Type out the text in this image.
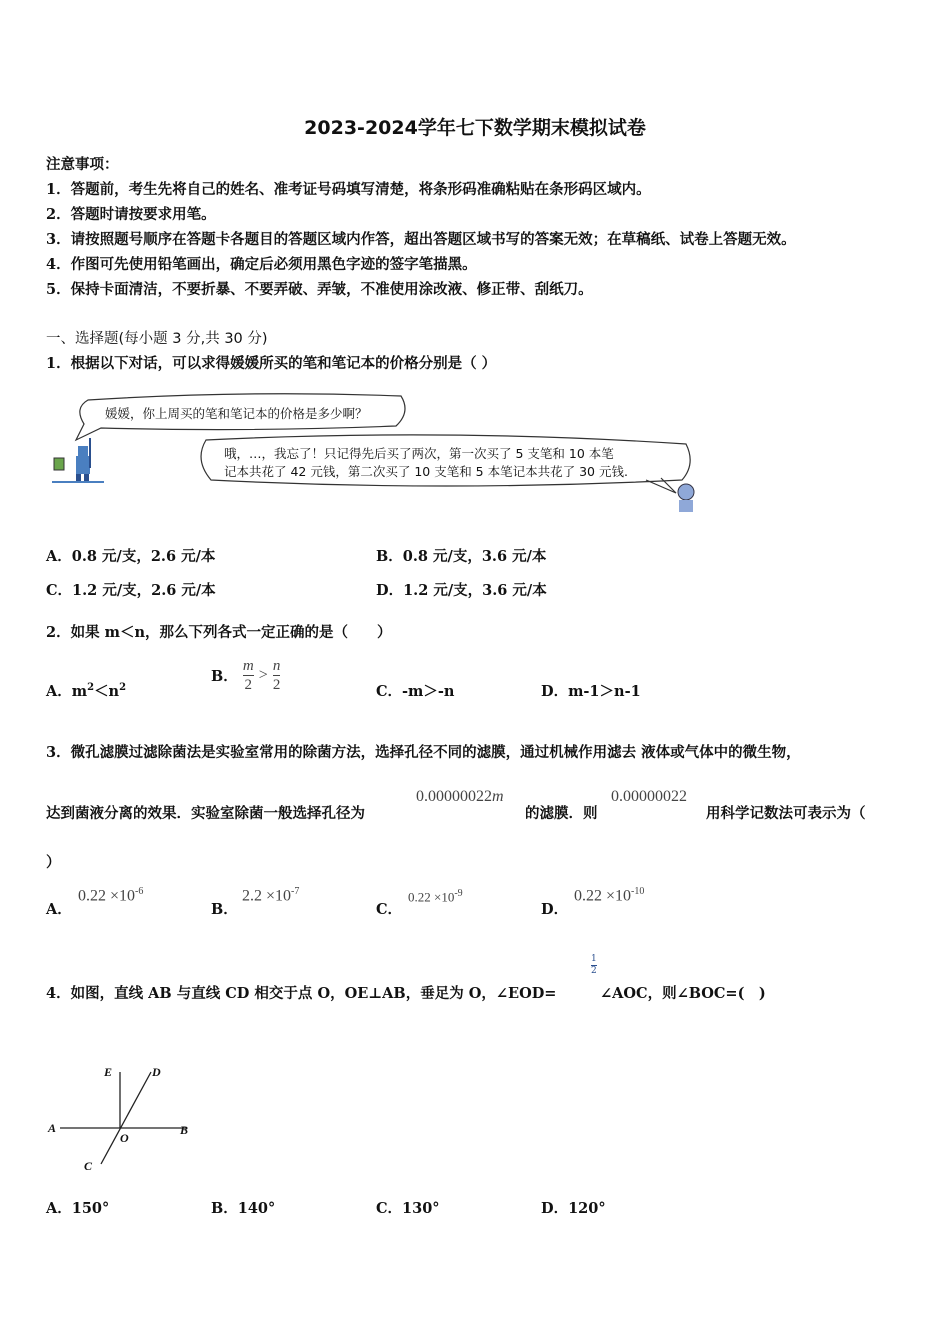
2023-2024学年七下数学期末模拟试卷
注意事项：
1．答题前，考生先将自己的姓名、准考证号码填写清楚，将条形码准确粘贴在条形码区域内。
2．答题时请按要求用笔。
3．请按照题号顺序在答题卡各题目的答题区域内作答，超出答题区域书写的答案无效；在草稿纸、试卷上答题无效。
4．作图可先使用铅笔画出，确定后必须用黑色字迹的签字笔描黑。
5．保持卡面清洁，不要折暴、不要弄破、弄皱，不准使用涂改液、修正带、刮纸刀。
一、选择题(每小题 3 分,共 30 分)
1．根据以下对话，可以求得媛媛所买的笔和笔记本的价格分别是（ ）
媛媛，你上周买的笔和笔记本的价格是多少啊？
哦，…，我忘了！只记得先后买了两次，第一次买了 5 支笔和 10 本笔
记本共花了 42 元钱，第二次买了 10 支笔和 5 本笔记本共花了 30 元钱.
A．0.8 元/支，2.6 元/本	B．0.8 元/支，3.6 元/本
C．1.2 元/支，2.6 元/本	D．1.2 元/支，3.6 元/本
2．如果 m＜n，那么下列各式一定正确的是（　　）
A．$m^2<n^2$
B． $\frac{m}{2} > \frac{n}{2}$	C．-m＞-n	D．m-1＞n-1
3．微孔滤膜过滤除菌法是实验室常用的除菌方法，选择孔径不同的滤膜，通过机械作用滤去 液体或气体中的微生物，
达到菌液分离的效果．实验室除菌一般选择孔径为
0.00000022m
的滤膜．则
0.00000022
用科学记数法可表示为（
）
A．
$0.22 \times 10^{-6}$
B．
$2.2 \times 10^{-7}$
C．
$0.22 \times 10^{-9}$
D．
$0.22 \times 10^{-10}$
4．如图，直线 AB 与直线 CD 相交于点 O，OE⊥AB，垂足为 O，∠EOD=
1
2
∠AOC，则∠BOC=(　)
A	B
C
D
E
O
A．150°	B．140°	C．130°	D．120°
